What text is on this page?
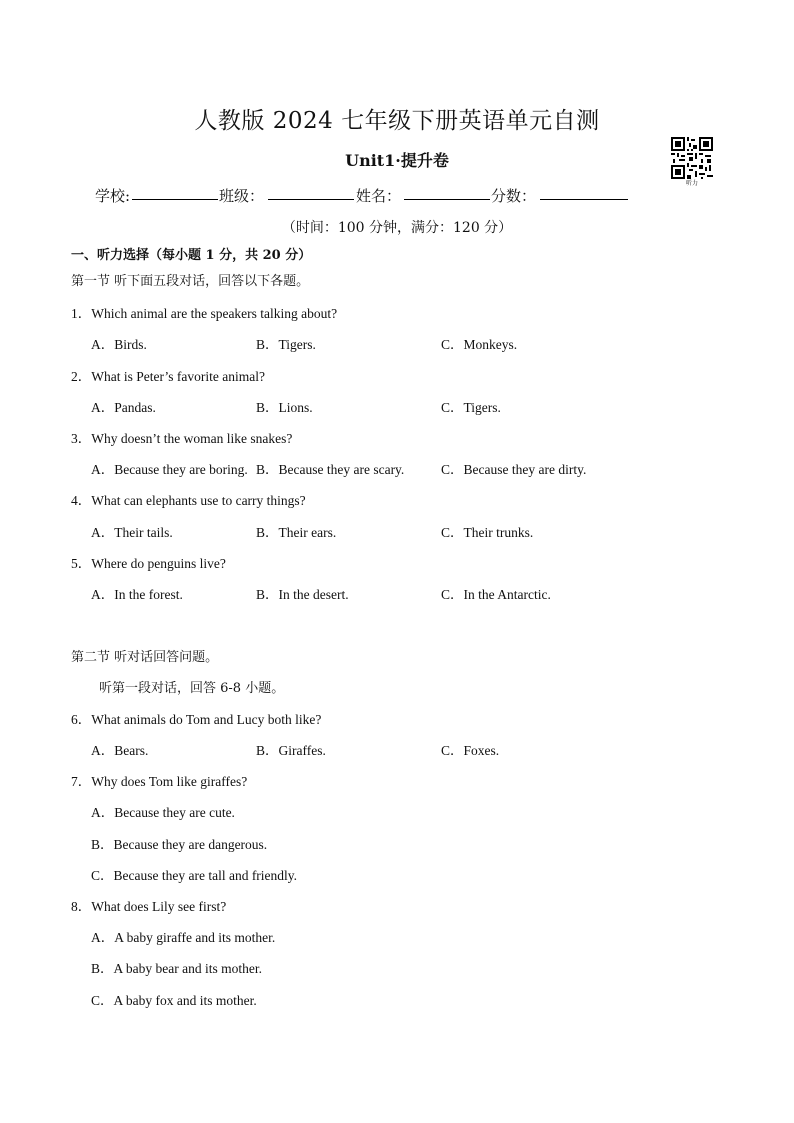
人教版 2024 七年级下册英语单元自测
Unit1·提升卷
听力
学校:	班级：	姓名：	分数：
（时间：100 分钟，满分：120 分）
一、听力选择（每小题 1 分，共 20 分）
第一节 听下面五段对话，回答以下各题。
1．Which animal are the speakers talking about?
A．Birds.	B．Tigers.	C．Monkeys.
2．What is Peter’s favorite animal?
A．Pandas.	B．Lions.	C．Tigers.
3．Why doesn’t the woman like snakes?
A．Because they are boring. B．Because they are scary.	C．Because they are dirty.
4．What can elephants use to carry things?
A．Their tails.	B．Their ears.	C．Their trunks.
5．Where do penguins live?
A．In the forest.	B．In the desert.	C．In the Antarctic.
第二节 听对话回答问题。
听第一段对话，回答 6-8 小题。
6．What animals do Tom and Lucy both like?
A．Bears.	B．Giraffes.	C．Foxes.
7．Why does Tom like giraffes?
A．Because they are cute.
B．Because they are dangerous.
C．Because they are tall and friendly.
8．What does Lily see first?
A．A baby giraffe and its mother.
B．A baby bear and its mother.
C．A baby fox and its mother.
